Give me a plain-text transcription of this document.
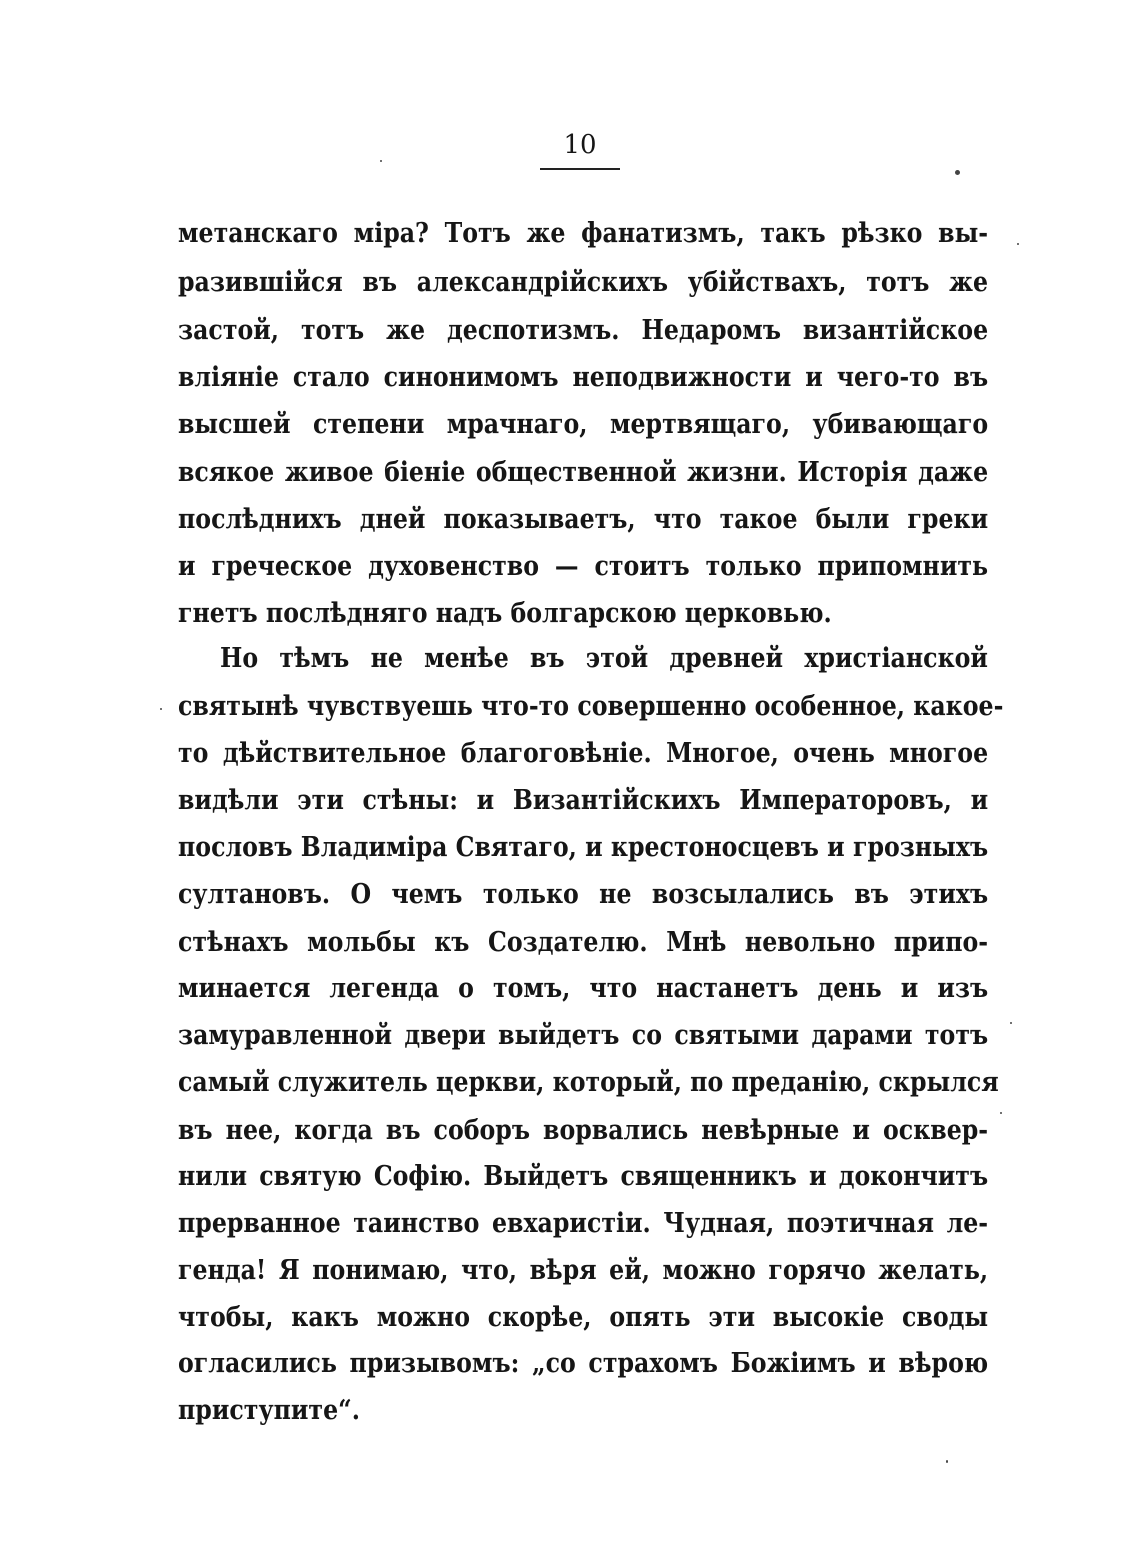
10
метанскаго міра? Тотъ же фанатизмъ, такъ рѣзко вы-
разившійся въ александрійскихъ убійствахъ, тотъ же
застой, тотъ же деспотизмъ. Недаромъ византійское
вліяніе стало синонимомъ неподвижности и чего-то въ
высшей степени мрачнаго, мертвящаго, убивающаго
всякое живое біеніе общественной жизни. Исторія даже
послѣднихъ дней показываетъ, что такое были греки
и греческое духовенство — стоитъ только припомнить
гнетъ послѣдняго надъ болгарскою церковью.
Но тѣмъ не менѣе въ этой древней христіанской
святынѣ чувствуешь что-то совершенно особенное, какое-
то дѣйствительное благоговѣніе. Многое, очень многое
видѣли эти стѣны: и Византійскихъ Императоровъ, и
пословъ Владиміра Святаго, и крестоносцевъ и грозныхъ
султановъ. О чемъ только не возсылались въ этихъ
стѣнахъ мольбы къ Создателю. Мнѣ невольно припо-
минается легенда о томъ, что настанетъ день и изъ
замуравленной двери выйдетъ со святыми дарами тотъ
самый служитель церкви, который, по преданію, скрылся
въ нее, когда въ соборъ ворвались невѣрные и осквер-
нили святую Софію. Выйдетъ священникъ и докончитъ
прерванное таинство евхаристіи. Чудная, поэтичная ле-
генда! Я понимаю, что, вѣря ей, можно горячо желать,
чтобы, какъ можно скорѣе, опять эти высокіе своды
огласились призывомъ: „со страхомъ Божіимъ и вѣрою
приступите“.
